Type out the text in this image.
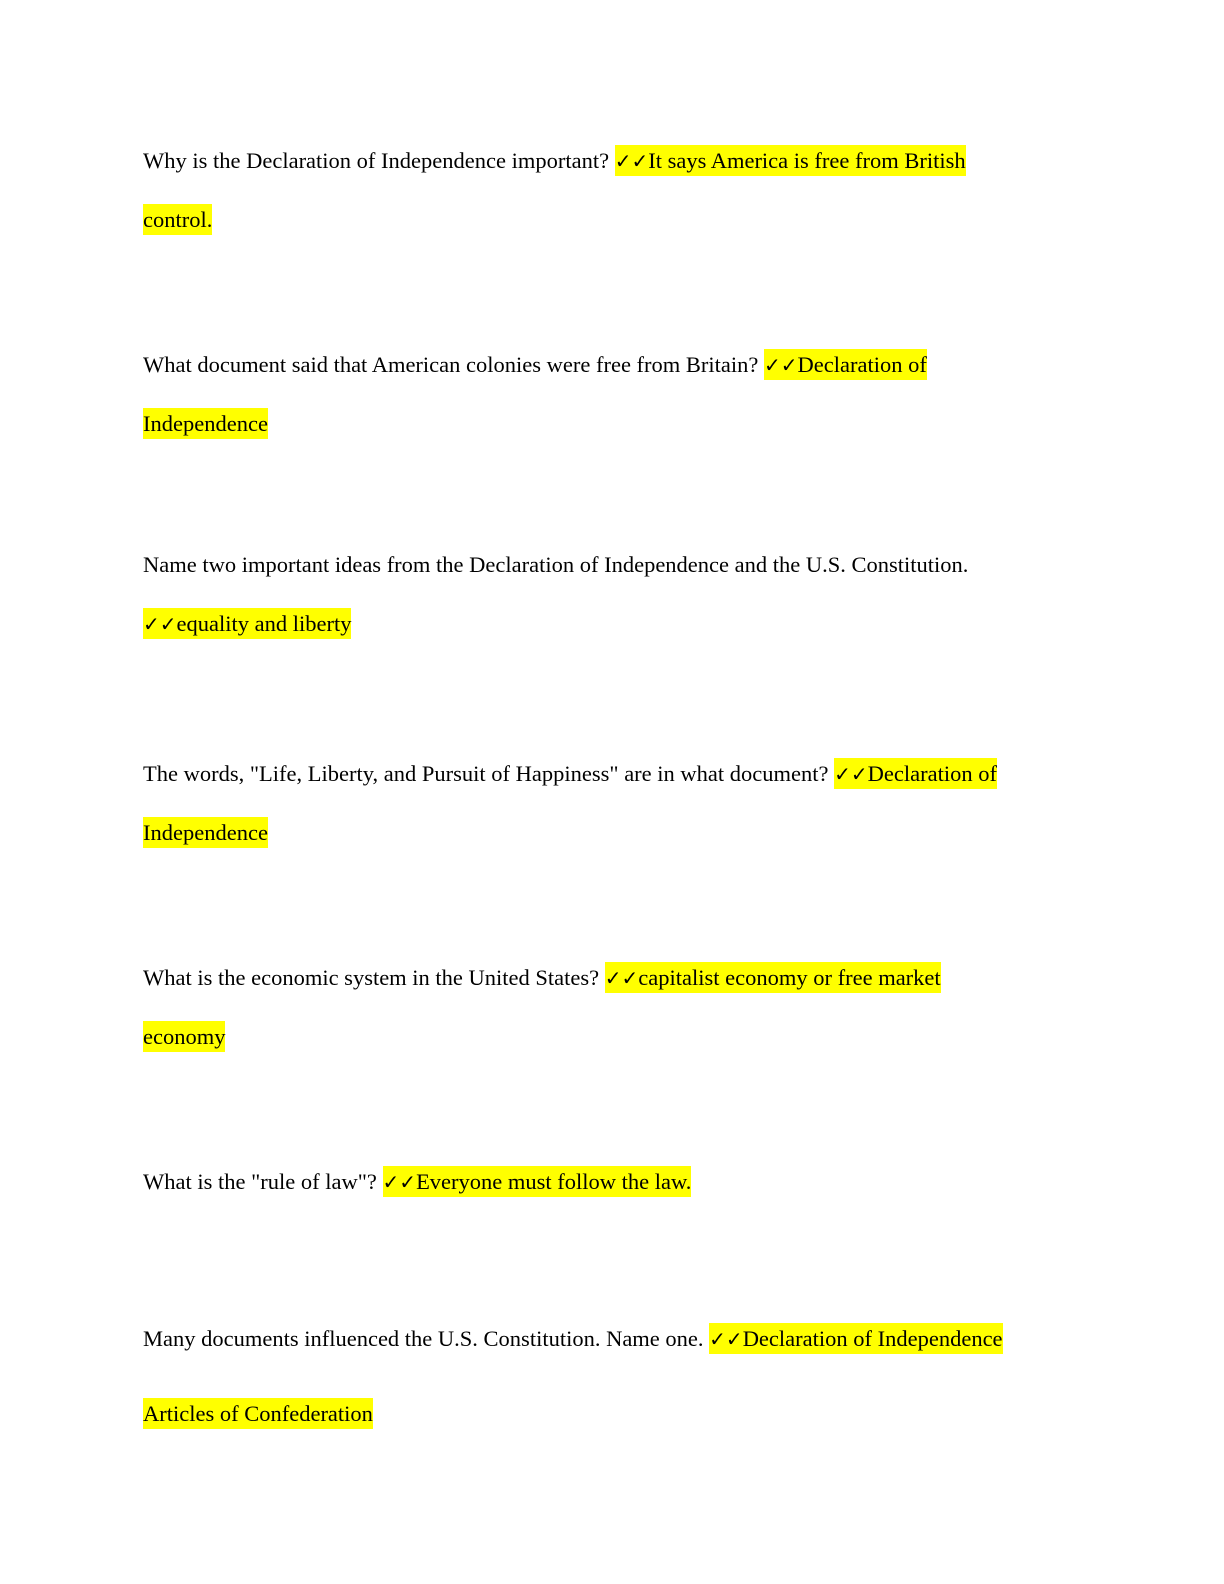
Why is the Declaration of Independence important? ✓✓It says America is free from British
control.

What document said that American colonies were free from Britain? ✓✓Declaration of
Independence

Name two important ideas from the Declaration of Independence and the U.S. Constitution.
✓✓equality and liberty

The words, "Life, Liberty, and Pursuit of Happiness" are in what document? ✓✓Declaration of
Independence

What is the economic system in the United States? ✓✓capitalist economy or free market
economy

What is the "rule of law"? ✓✓Everyone must follow the law.

Many documents influenced the U.S. Constitution. Name one. ✓✓Declaration of Independence
Articles of Confederation
